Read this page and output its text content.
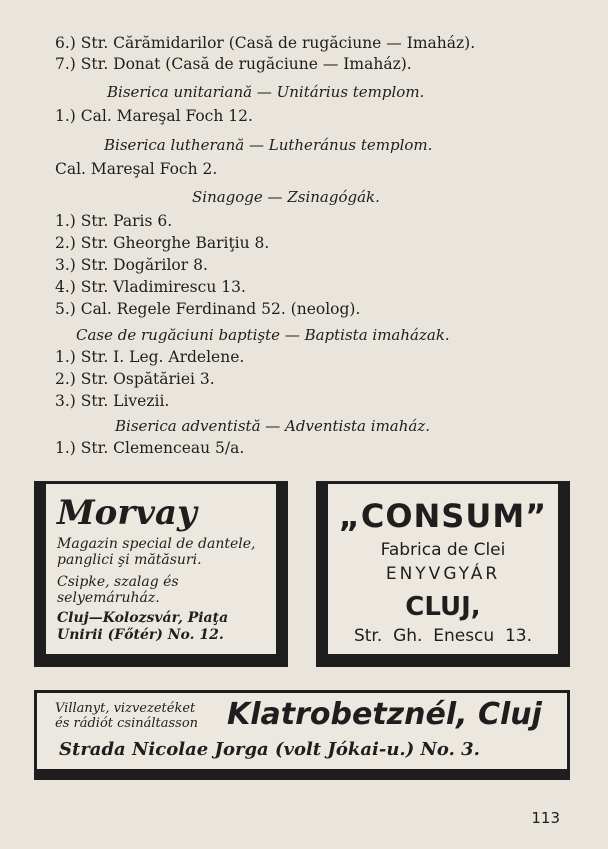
6.) Str. Cărămidarilor (Casă de rugăciune — Imaház).
7.) Str. Donat (Casă de rugăciune — Imaház).
Biserica unitariană — Unitárius templom.
1.) Cal. Mareşal Foch 12.
Biserica lutherană — Lutheránus templom.
Cal. Mareşal Foch 2.
Sinagoge — Zsinagógák.
1.) Str. Paris 6.
2.) Str. Gheorghe Bariţiu 8.
3.) Str. Dogărilor 8.
4.) Str. Vladimirescu 13.
5.) Cal. Regele Ferdinand 52. (neolog).
Case de rugăciuni baptişte — Baptista imaházak.
1.) Str. I. Leg. Ardelene.
2.) Str. Ospătăriei 3.
3.) Str. Livezii.
Biserica adventistă — Adventista imaház.
1.) Str. Clemenceau 5/a.
Morvay
Magazin special de dantele, panglici şi mătăsuri.
Csipke, szalag és selyemáruház.
Cluj—Kolozsvár, Piaţa Unirii (Főtér) No. 12.
„CONSUM”
Fabrica de Clei
ENYVGYÁR
CLUJ,
Str.  Gh.  Enescu  13.
Villanyt, vizvezetéket
és rádiót csináltasson Klatrobetznél, Cluj
Strada Nicolae Jorga (volt Jókai-u.) No. 3.
113
